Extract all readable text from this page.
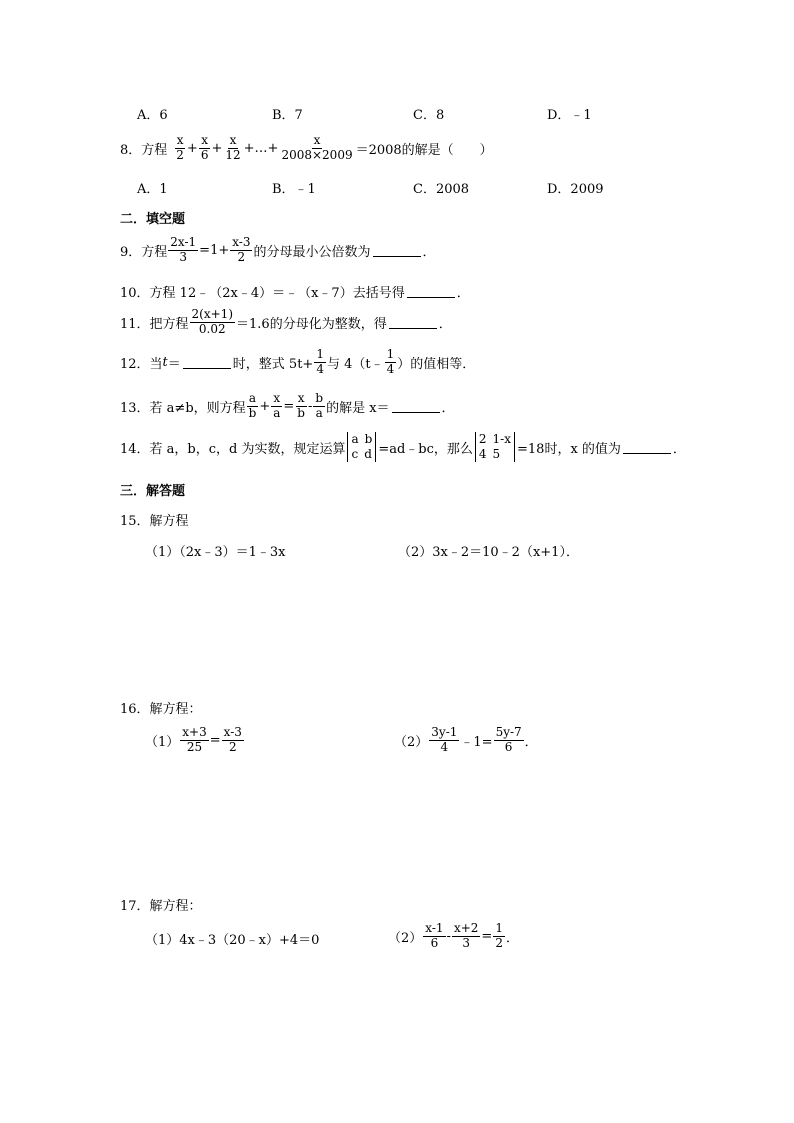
A．6	B．7	C．8	D．﹣1
8．方程 $\frac{x}{2} + \frac{x}{6} + \frac{x}{12}$ +…+ $\frac{x}{2008\times 2009} =2008$的解是（　　）
A．1	B．﹣1	C．2008	D．2009
二．填空题
9．方程 $\frac{2x-1}{3} =1+ \frac{x-3}{2}$ 的分母最小公倍数为	．
10．方程 12﹣（2x﹣4）＝﹣（x﹣7）去括号得	．
11．把方程 $\frac{2(x+1)}{0.02} =1.6$的分母化为整数，得	．
12．当 t ＝	时，整式 $5t+ \frac{1}{4}$ 与 4（t﹣ $\frac{1}{4}$ ）的值相等．
13．若 a≠b，则方程 $\frac{a}{b} + \frac{x}{a} = \frac{x}{b} - \frac{b}{a}$ 的解是 x＝	．
14．若 a，b，c，d 为实数，规定运算
a b
c d =ad﹣bc，那么
2 1-x
4 5 =18时，x 的值为	．
三．解答题
15．解方程
（1）（2x﹣3）＝1﹣3x	（2）3x﹣2＝10﹣2（x+1）．
16．解方程：
$(1) \frac{x+3}{25} = \frac{x-3}{2}$	$(2) \frac{3y-1}{4}$ ﹣1= $\frac{5y-7}{6}$ ．
17．解方程：
（1）4x﹣3（20﹣x）+4＝0	$(2) \frac{x-1}{6} - \frac{x+2}{3} = \frac{1}{2}$ ．
